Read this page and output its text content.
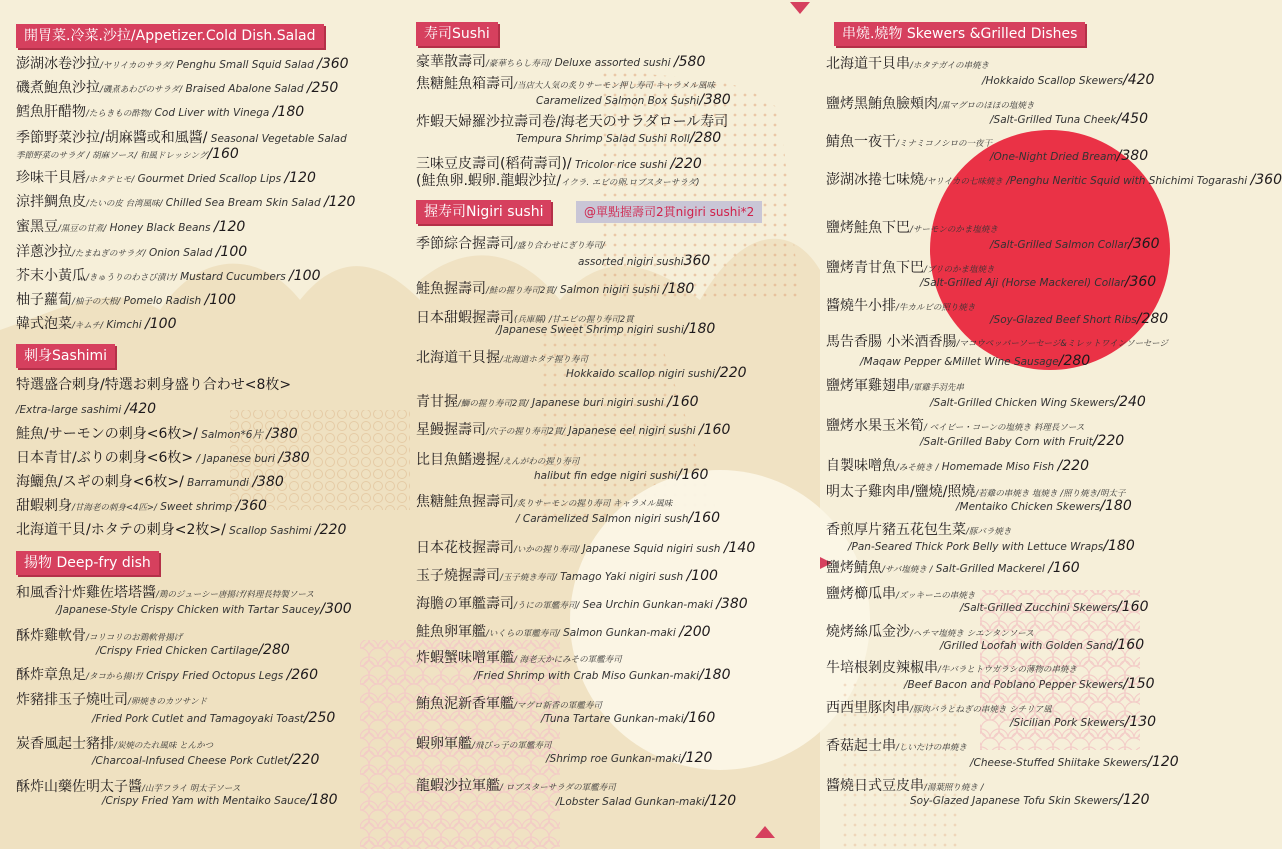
開胃菜.冷菜.沙拉/Appetizer.Cold Dish.Salad
澎湖冰卷沙拉/ヤリイカのサラダ/ Penghu Small Squid Salad /360
磯煮鮑魚沙拉/磯煮あわびのサラダ/ Braised Abalone Salad /250
鱈魚肝醋物/たらきもの酢物/ Cod Liver with Vinega /180
季節野菜沙拉/胡麻醬或和風醬/ Seasonal Vegetable Salad
季節野菜のサラダ / 胡麻ソース/ 和風ドレッシング/160
珍味干貝唇/ホタテヒモ/ Gourmet Dried Scallop Lips /120
涼拌鯛魚皮/たいの皮 台湾風味/ Chilled Sea Bream Skin Salad /120
蜜黑豆/黒豆の甘煮/ Honey Black Beans /120
洋蔥沙拉/たまねぎのサラダ/ Onion Salad /100
芥末小黃瓜/きゅうりのわさび漬け/ Mustard Cucumbers /100
柚子蘿蔔/柚子の大根/ Pomelo Radish /100
韓式泡菜/キムチ/ Kimchi /100
刺身Sashimi
特選盛合刺身/特選お刺身盛り合わせ<8枚>
/Extra-large sashimi /420
鮭魚/サーモンの刺身<6枚>/ Salmon*6片 /380
日本青甘/ぶりの刺身<6枚> / Japanese buri /380
海鱺魚/スギの刺身<6枚>/ Barramundi /380
甜蝦刺身/甘海老の刺身<4匹>/ Sweet shrimp /360
北海道干貝/ホタテの刺身<2枚>/ Scallop Sashimi /220
揚物 Deep-fry dish
和風香汁炸雞佐塔塔醬/鶏のジューシー唐揚げ/料理長特製ソース
/Japanese-Style Crispy Chicken with Tartar Saucey/300
酥炸雞軟骨/コリコリのお鶏軟骨揚げ
/Crispy Fried Chicken Cartilage/280
酥炸章魚足/タコから揚げ/ Crispy Fried Octopus Legs /260
炸豬排玉子燒吐司/卵焼きのカツサンド
/Fried Pork Cutlet and Tamagoyaki Toast/250
炭香風起士豬排/炭焼のたれ風味 とんかつ
/Charcoal-Infused Cheese Pork Cutlet/220
酥炸山藥佐明太子醬/山芋フライ 明太子ソース
/Crispy Fried Yam with Mentaiko Sauce/180
寿司Sushi
豪華散壽司/豪華ちらし寿司/ Deluxe assorted sushi /580
焦糖鮭魚箱壽司/当店大人気の炙りサーモン押し寿司 キャラメル風味
Caramelized Salmon Box Sushi/380
炸蝦天婦羅沙拉壽司卷/海老天のサラダロール寿司
Tempura Shrimp Salad Sushi Roll/280
三味豆皮壽司(稻荷壽司)/ Tricolor rice sushi /220
(鮭魚卵.蝦卵.龍蝦沙拉/イクラ. エビの卵.ロブスターサラダ)
握寿司Nigiri sushi	@單點握壽司2貫nigiri sushi*2
季節綜合握壽司/盛り合わせにぎり寿司/
assorted nigiri sushi360
鮭魚握壽司/鮭の握り寿司2貫/ Salmon nigiri sushi /180
日本甜蝦握壽司(兵庫縣) /甘エビの握り寿司2貫
/Japanese Sweet Shrimp nigiri sushi/180
北海道干貝握/北海道ホタテ握り寿司
Hokkaido scallop nigiri sushi/220
青甘握/鰤の握り寿司2貫/ Japanese buri nigiri sushi /160
星鰻握壽司/穴子の握り寿司2貫/ Japanese eel nigiri sushi /160
比目魚鰭邊握/えんがわの握り寿司
halibut fin edge nigiri sushi/160
焦糖鮭魚握壽司/炙りサーモンの握り寿司 キャラメル風味
/ Caramelized Salmon nigiri sush/160
日本花枝握壽司/いかの握り寿司/ Japanese Squid nigiri sush /140
玉子燒握壽司/玉子焼き寿司/ Tamago Yaki nigiri sush /100
海膽の軍艦壽司/うにの軍艦寿司/ Sea Urchin Gunkan-maki /380
鮭魚卵軍艦/いくらの軍艦寿司/ Salmon Gunkan-maki /200
炸蝦蟹味噌軍艦/ 海老天かにみその軍艦寿司
/Fried Shrimp with Crab Miso Gunkan-maki/180
鮪魚泥新香軍艦/マグロ新香の軍艦寿司
/Tuna Tartare Gunkan-maki/160
蝦卵軍艦/飛びっ子の軍艦寿司
/Shrimp roe Gunkan-maki/120
龍蝦沙拉軍艦/ ロブスターサラダの軍艦寿司
/Lobster Salad Gunkan-maki/120
串燒.燒物 Skewers &Grilled Dishes
北海道干貝串/ホタテガイの串焼き
/Hokkaido Scallop Skewers/420
鹽烤黑鮪魚臉頰肉/黒マグロのほほの塩焼き
/Salt-Grilled Tuna Cheek/450
鯖魚一夜干/ミナミコノシロの一夜干
/One-Night Dried Bream/380
澎湖冰捲七味燒/ヤリイカの七味焼き /Penghu Neritic Squid with Shichimi Togarashi /360
鹽烤鮭魚下巴/サーモンのかま塩焼き
/Salt-Grilled Salmon Collar/360
鹽烤青甘魚下巴/ブリのかま塩焼き
/Salt-Grilled Aji (Horse Mackerel) Collar/360
醬燒牛小排/牛カルビの照り焼き
/Soy-Glazed Beef Short Ribs/280
馬告香腸 小米酒香腸/マコウペッパーソーセージ&ミレットワインソーセージ
/Maqaw Pepper &Millet Wine Sausage/280
鹽烤軍雞翅串/軍雞手羽先串
/Salt-Grilled Chicken Wing Skewers/240
鹽烤水果玉米筍/ ベイビー・コーンの塩焼き 料理長ソース
/Salt-Grilled Baby Corn with Fruit/220
自製味噌魚/みそ焼き / Homemade Miso Fish /220
明太子雞肉串/鹽燒/照燒/若雞の串焼き 塩焼き /照り焼き/明太子
/Mentaiko Chicken Skewers/180
香煎厚片豬五花包生菜/豚バラ焼き
/Pan-Seared Thick Pork Belly with Lettuce Wraps/180
鹽烤鯖魚/サバ塩焼き / Salt-Grilled Mackerel /160
鹽烤櫛瓜串/ズッキーニの串焼き
/Salt-Grilled Zucchini Skewers/160
燒烤絲瓜金沙/ヘチマ塩焼き シエンタンソース
/Grilled Loofah with Golden Sand/160
牛培根剝皮辣椒串/牛バラとトウガラシの薄物の串焼き
/Beef Bacon and Poblano Pepper Skewers/150
西西里豚肉串/豚肉バラとねぎの串焼き シチリア風
/Sicilian Pork Skewers/130
香菇起士串/しいたけの串焼き
/Cheese-Stuffed Shiitake Skewers/120
醬燒日式豆皮串/湯葉照り焼き /
Soy-Glazed Japanese Tofu Skin Skewers/120
